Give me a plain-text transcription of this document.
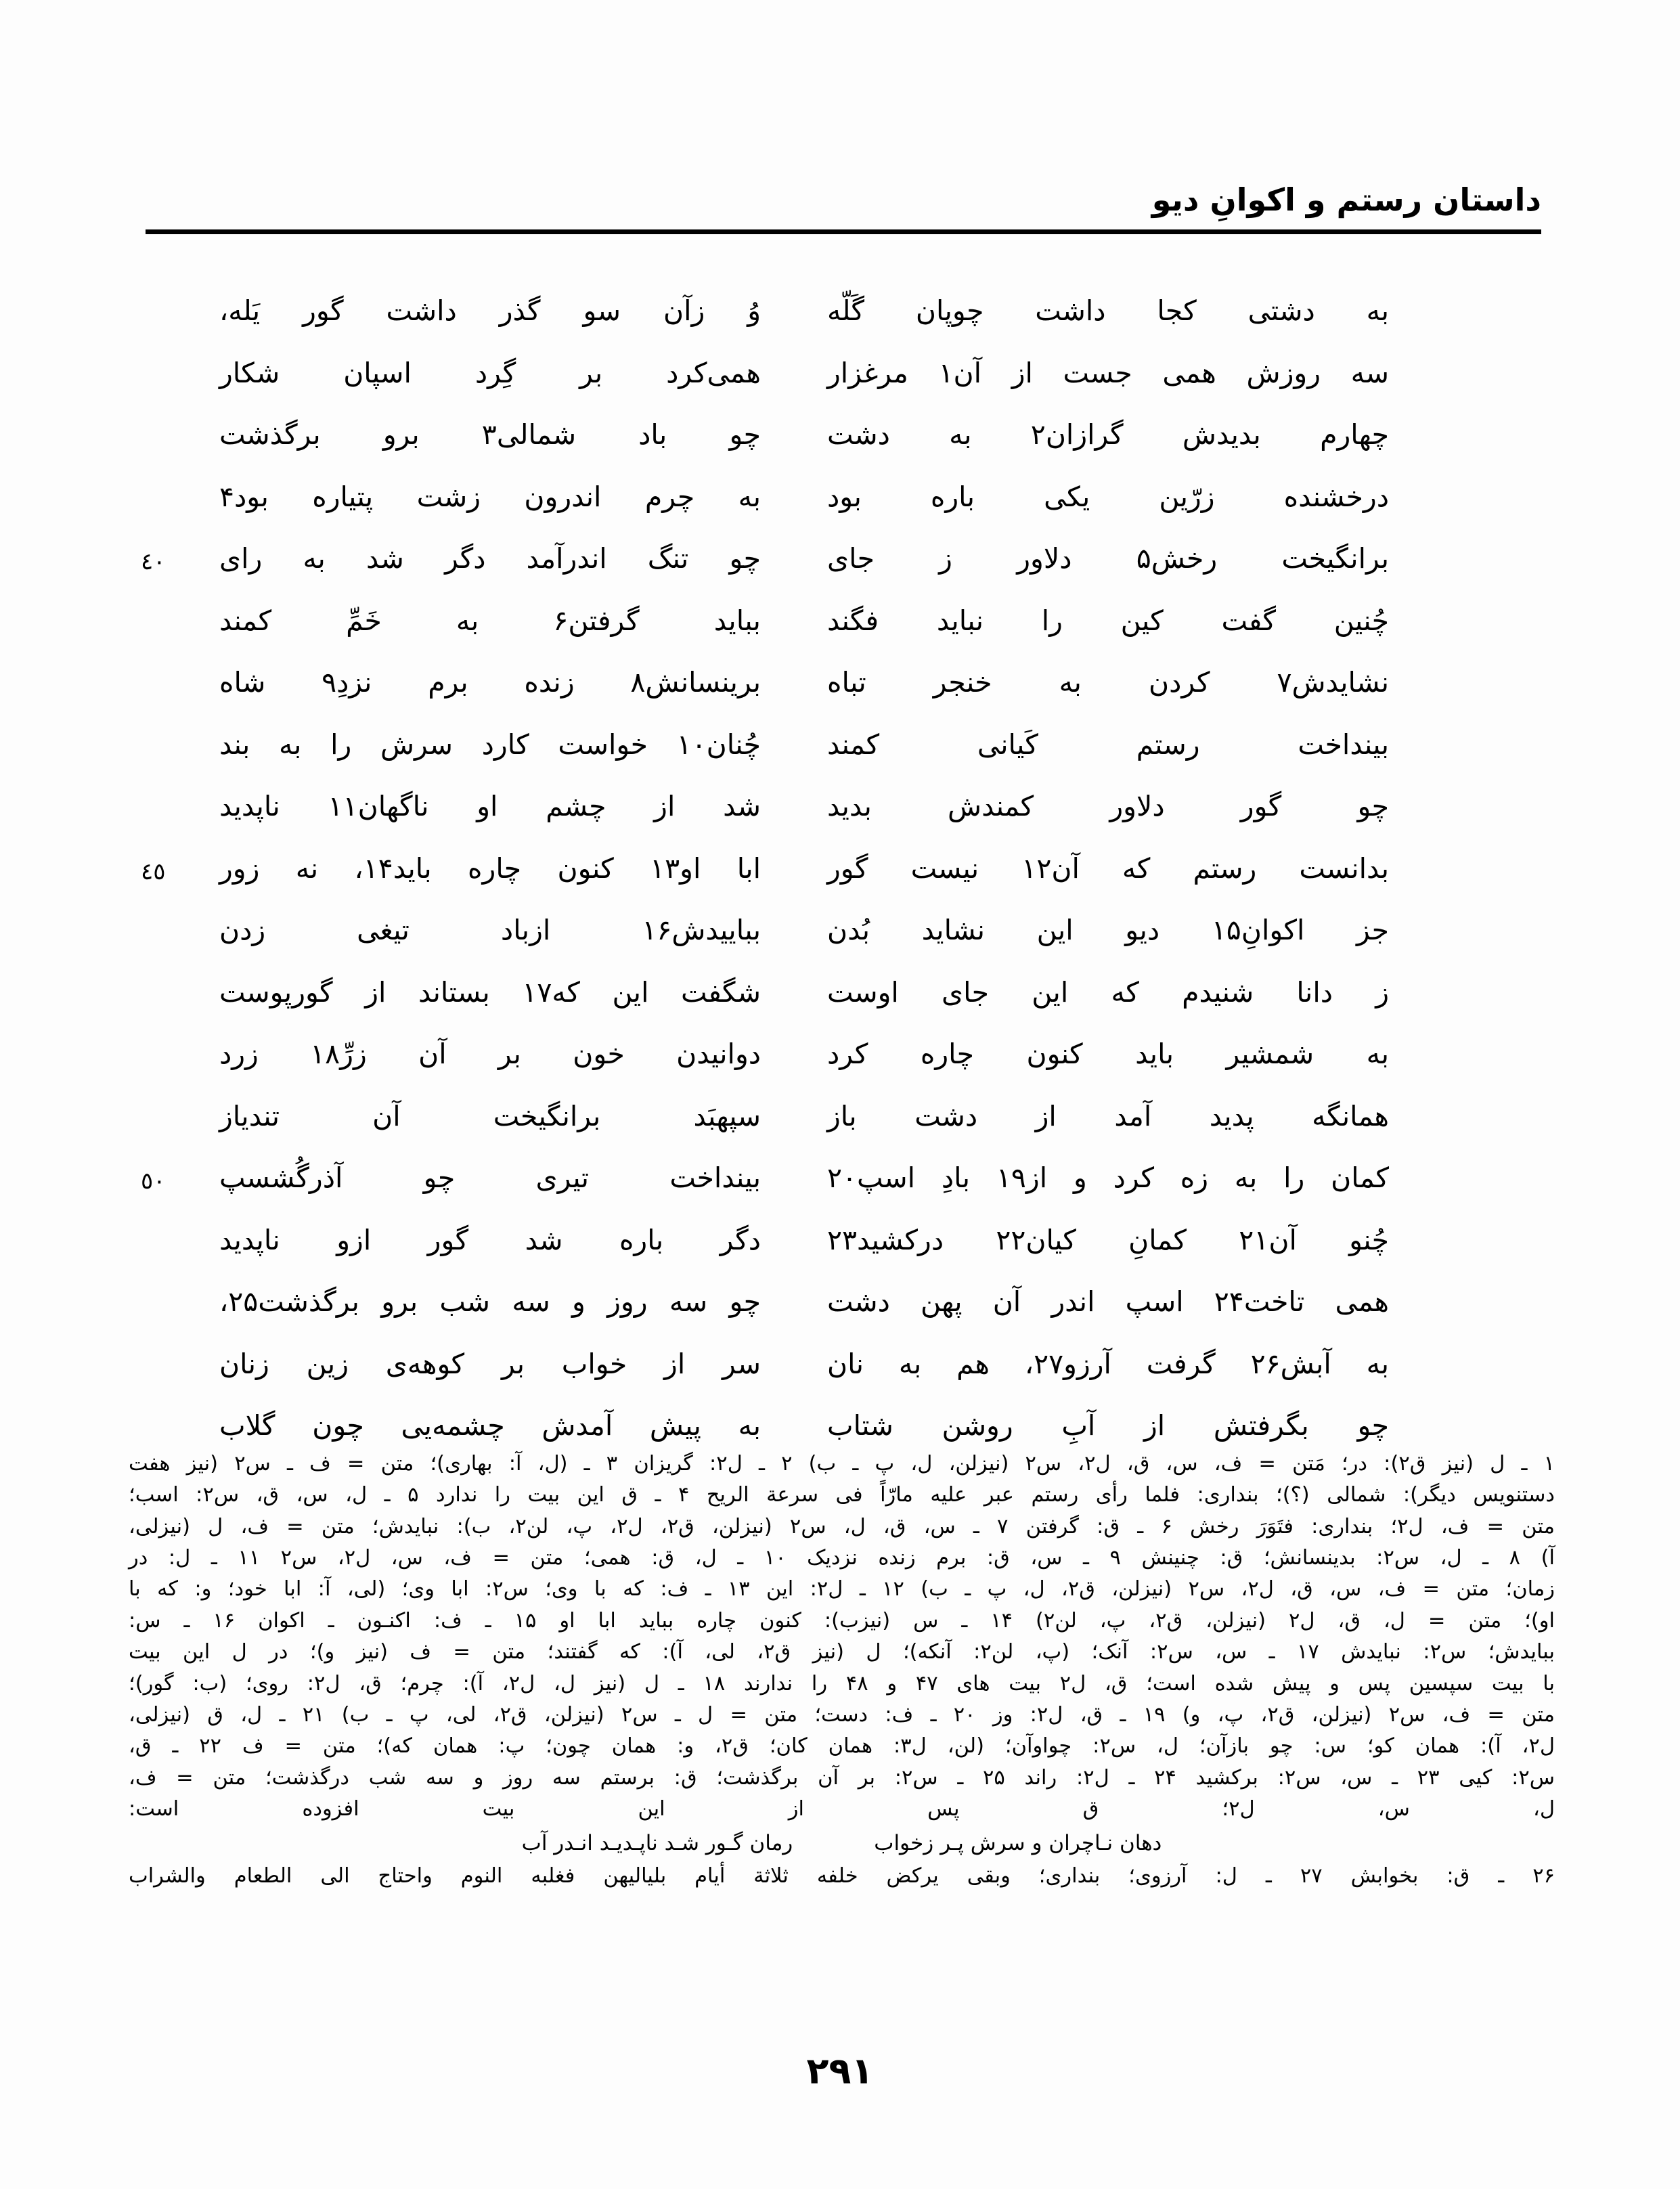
داستان رستم و اکوانِ دیو
به دشتی کجا داشت چوپان گَلّه
وُ زآن سو گذر داشت گور یَله،
سه روزش همی جست از آن۱ مرغزار
همی‌کرد بر گِرد اسپان شکار
چهارم بدیدش گرازان۲ به دشت
چو باد شمالی۳ برو برگذشت
درخشنده زرّین یکی باره بود
به چرم اندرون زشت پتیاره بود۴
٤٠	برانگیخت رخش۵ دلاور ز جای
چو تنگ اندرآمد دگر شد به رای
چُنین گفت کین را نباید فگند
بباید گرفتن۶ به خَمِّ کمند
نشایدش۷ کردن به خنجر تباه
برینسانش۸ زنده برم نزدِ۹ شاه
بینداخت رستم کَیانی کمند
چُنان۱۰ خواست کارد سرش را به بند
چو گور دلاور کمندش بدید
شد از چشم او ناگهان۱۱ ناپدید
٤٥	بدانست رستم که آن۱۲ نیست گور
ابا او۱۳ کنون چاره باید۱۴، نه زور
جز اکوانِ۱۵ دیو این نشاید بُدن
بباییدش۱۶ ازباد تیغی زدن
ز دانا شنیدم که این جای اوست
شگفت این که۱۷ بستاند از گورپوست
به شمشیر باید کنون چاره کرد
دوانیدن خون بر آن زرِّ۱۸ زرد
همانگه پدید آمد از دشت باز
سپهبَد برانگیخت آن تندیاز
٥٠	کمان را به زه کرد و از۱۹ بادِ اسپ۲۰
بینداخت تیری چو آذرگُشسپ
چُنو آن۲۱ کمانِ کیان۲۲ درکشید۲۳
دگر باره شد گور ازو ناپدید
همی تاخت۲۴ اسپ اندر آن پهن دشت
چو سه روز و سه شب برو برگذشت۲۵،
به آبش۲۶ گرفت آرزو۲۷، هم به نان
سر از خواب بر کوهه‌ی زین زنان
چو بگرفتش از آبِ روشن شتاب
به پیش آمدش چشمه‌یی چون گلاب
۱ ـ ل (نیز ق۲): در؛ مَتن = ف، س، ق، ل۲، س۲ (نیزلن، ل، پ ـ ب) ۲ ـ ل۲: گریزان ۳ ـ (ل، آ: بهاری)؛ متن = ف ـ س۲ (نیز هفت
دستنویس دیگر): شمالی (؟)؛ بنداری: فلما رأی رستم عبر علیه مارّاً فی سرعة الریح ۴ ـ ق این بیت را ندارد ۵ ـ ل، س، ق، س۲: اسب؛
متن = ف، ل۲؛ بنداری: فتَوَرَ رخش ۶ ـ ق: گرفتن ۷ ـ س، ق، ل، س۲ (نیزلن، ق۲، ل۲، پ، لن۲، ب): نبایدش؛ متن = ف، ل (نیزلی،
آ) ۸ ـ ل، س۲: بدینسانش؛ ق: چنینش ۹ ـ س، ق: برم زنده نزدیک ۱۰ ـ ل، ق: همی؛ متن = ف، س، ل۲، س۲ ۱۱ ـ ل: در
زمان؛ متن = ف، س، ق، ل۲، س۲ (نیزلن، ق۲، ل، پ ـ ب) ۱۲ ـ ل۲: این ۱۳ ـ ف: که با وی؛ س۲: ابا وی؛ (لی، آ: ابا خود؛ و: که با
او)؛ متن = ل، ق، ل۲ (نیزلن، ق۲، پ، لن۲) ۱۴ ـ س (نیزب): کنون چاره بباید ابا او ۱۵ ـ ف: اکنـون ـ اکوان ۱۶ ـ س:
ببایدش؛ س۲: نبایدش ۱۷ ـ س، س۲: آنک؛ (پ، لن۲: آنکه)؛ ل (نیز ق۲، لی، آ): که گفتند؛ متن = ف (نیز و)؛ در ل این بیت
با بیت سپسین پس و پیش شده است؛ ق، ل۲ بیت های ۴۷ و ۴۸ را ندارند ۱۸ ـ ل (نیز ل، ل۲، آ): چرم؛ ق، ل۲: روی؛ (ب: گور)؛
متن = ف، س۲ (نیزلن، ق۲، پ، و) ۱۹ ـ ق، ل۲: وز ۲۰ ـ ف: دست؛ متن = ل ـ س۲ (نیزلن، ق۲، لی، پ ـ ب) ۲۱ ـ ل، ق (نیزلی،
ل۲، آ): همان کو؛ س: چو بازآن؛ ل، س۲: چواوآن؛ (لن، ل۳: همان کان؛ ق۲، و: همان چون؛ پ: همان که)؛ متن = ف ۲۲ ـ ق،
س۲: کیی ۲۳ ـ س، س۲: برکشید ۲۴ ـ ل۲: راند ۲۵ ـ س۲: بر آن برگذشت؛ ق: برستم سه روز و سه شب درگذشت؛ متن = ف،
ل، س، ل۲؛ ق پس از این بیت افزوده است:
دهان نـاچران و سرش پـر زخواب
رمان گـور شـد ناپـدیـد انـدر آب
۲۶ ـ ق: بخوابش ۲۷ ـ ل: آرزوی؛ بنداری؛ وبقی یرکض خلفه ثلاثة أیام بلیالیهن فغلبه النوم واحتاج الی الطعام والشراب
۲۹۱
